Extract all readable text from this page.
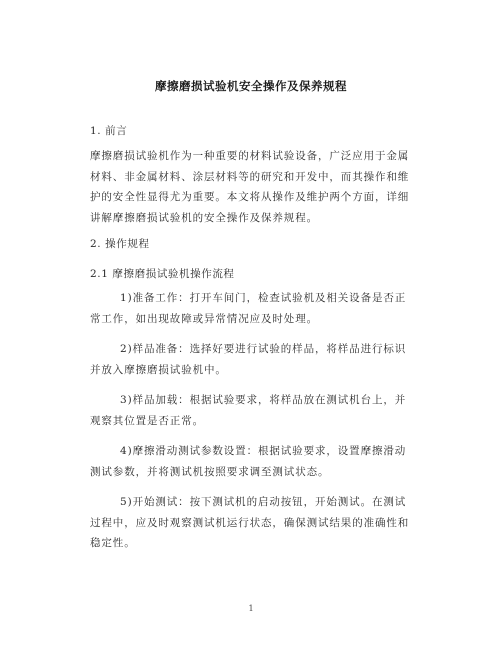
摩擦磨损试验机安全操作及保养规程
1. 前言

摩擦磨损试验机作为一种重要的材料试验设备，广泛应用于金属材料、非金属材料、涂层材料等的研究和开发中，而其操作和维护的安全性显得尤为重要。本文将从操作及维护两个方面，详细讲解摩擦磨损试验机的安全操作及保养规程。

2. 操作规程
2.1 摩擦磨损试验机操作流程

1)准备工作：打开车间门，检查试验机及相关设备是否正常工作，如出现故障或异常情况应及时处理。

2)样品准备：选择好要进行试验的样品，将样品进行标识并放入摩擦磨损试验机中。

3)样品加载：根据试验要求，将样品放在测试机台上，并观察其位置是否正常。

4)摩擦滑动测试参数设置：根据试验要求，设置摩擦滑动测试参数，并将测试机按照要求调至测试状态。

5)开始测试：按下测试机的启动按钮，开始测试。在测试过程中，应及时观察测试机运行状态，确保测试结果的准确性和稳定性。

1
